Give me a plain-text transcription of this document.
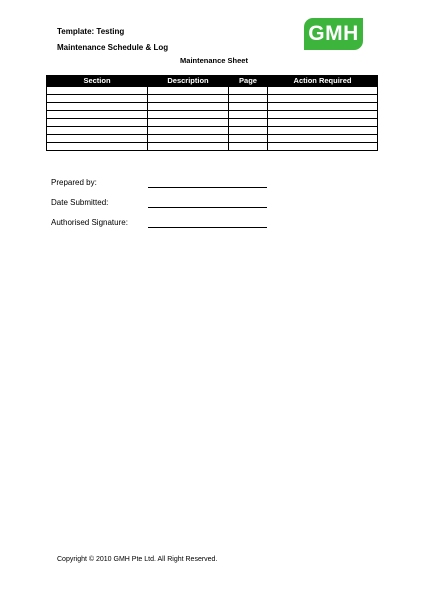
Template: Testing
Maintenance Schedule & Log
GMH
Maintenance Sheet
Section	Description	Page	Action Required

Prepared by:
Date Submitted:
Authorised Signature:
Copyright © 2010 GMH Pte Ltd. All Right Reserved.
